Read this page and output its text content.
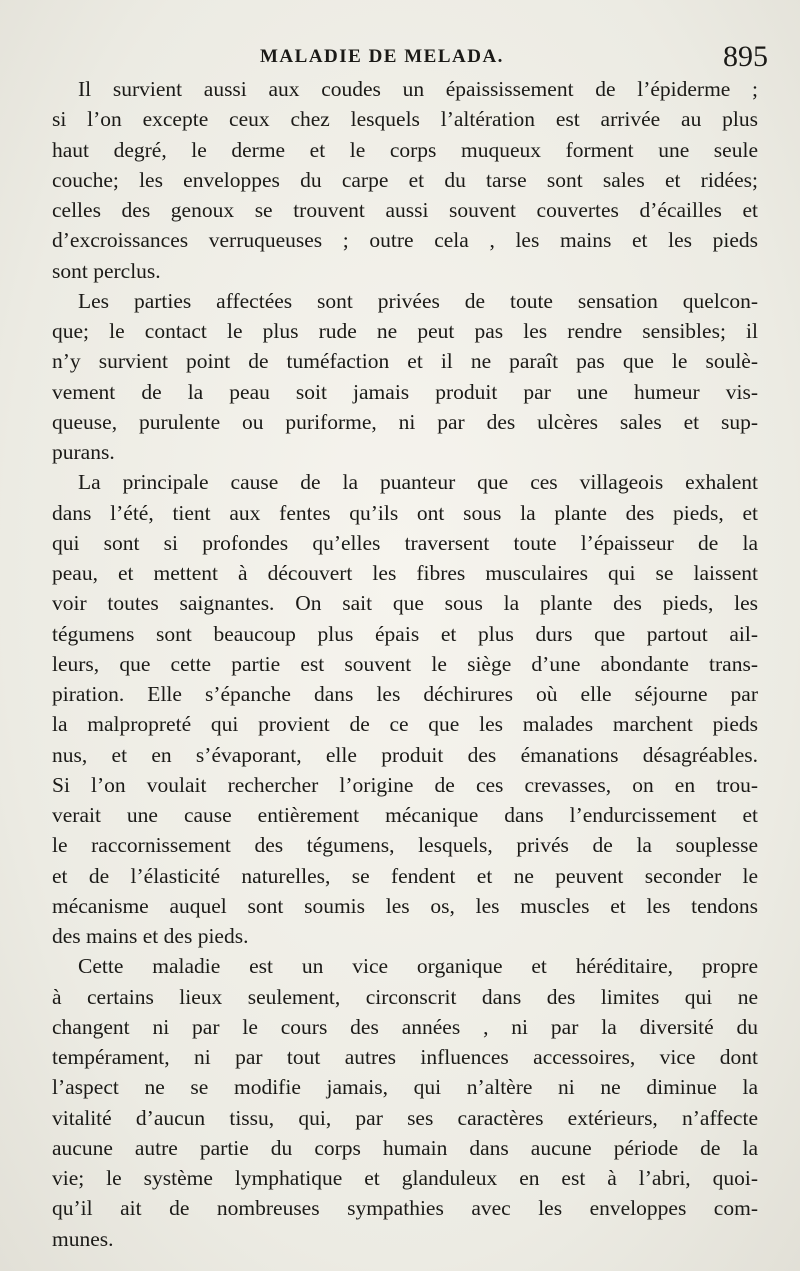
MALADIE DE MELADA.	895
Il survient aussi aux coudes un épaississement de l’épiderme ;
si l’on excepte ceux chez lesquels l’altération est arrivée au plus
haut degré, le derme et le corps muqueux forment une seule
couche; les enveloppes du carpe et du tarse sont sales et ridées;
celles des genoux se trouvent aussi souvent couvertes d’écailles et
d’excroissances verruqueuses ; outre cela , les mains et les pieds
sont perclus.
Les parties affectées sont privées de toute sensation quelcon-
que; le contact le plus rude ne peut pas les rendre sensibles; il
n’y survient point de tuméfaction et il ne paraît pas que le soulè-
vement de la peau soit jamais produit par une humeur vis-
queuse, purulente ou puriforme, ni par des ulcères sales et sup-
purans.
La principale cause de la puanteur que ces villageois exhalent
dans l’été, tient aux fentes qu’ils ont sous la plante des pieds, et
qui sont si profondes qu’elles traversent toute l’épaisseur de la
peau, et mettent à découvert les fibres musculaires qui se laissent
voir toutes saignantes. On sait que sous la plante des pieds, les
tégumens sont beaucoup plus épais et plus durs que partout ail-
leurs, que cette partie est souvent le siège d’une abondante trans-
piration. Elle s’épanche dans les déchirures où elle séjourne par
la malpropreté qui provient de ce que les malades marchent pieds
nus, et en s’évaporant, elle produit des émanations désagréables.
Si l’on voulait rechercher l’origine de ces crevasses, on en trou-
verait une cause entièrement mécanique dans l’endurcissement et
le raccornissement des tégumens, lesquels, privés de la souplesse
et de l’élasticité naturelles, se fendent et ne peuvent seconder le
mécanisme auquel sont soumis les os, les muscles et les tendons
des mains et des pieds.
Cette maladie est un vice organique et héréditaire, propre
à certains lieux seulement, circonscrit dans des limites qui ne
changent ni par le cours des années , ni par la diversité du
tempérament, ni par tout autres influences accessoires, vice dont
l’aspect ne se modifie jamais, qui n’altère ni ne diminue la
vitalité d’aucun tissu, qui, par ses caractères extérieurs, n’affecte
aucune autre partie du corps humain dans aucune période de la
vie; le système lymphatique et glanduleux en est à l’abri, quoi-
qu’il ait de nombreuses sympathies avec les enveloppes com-
munes.
